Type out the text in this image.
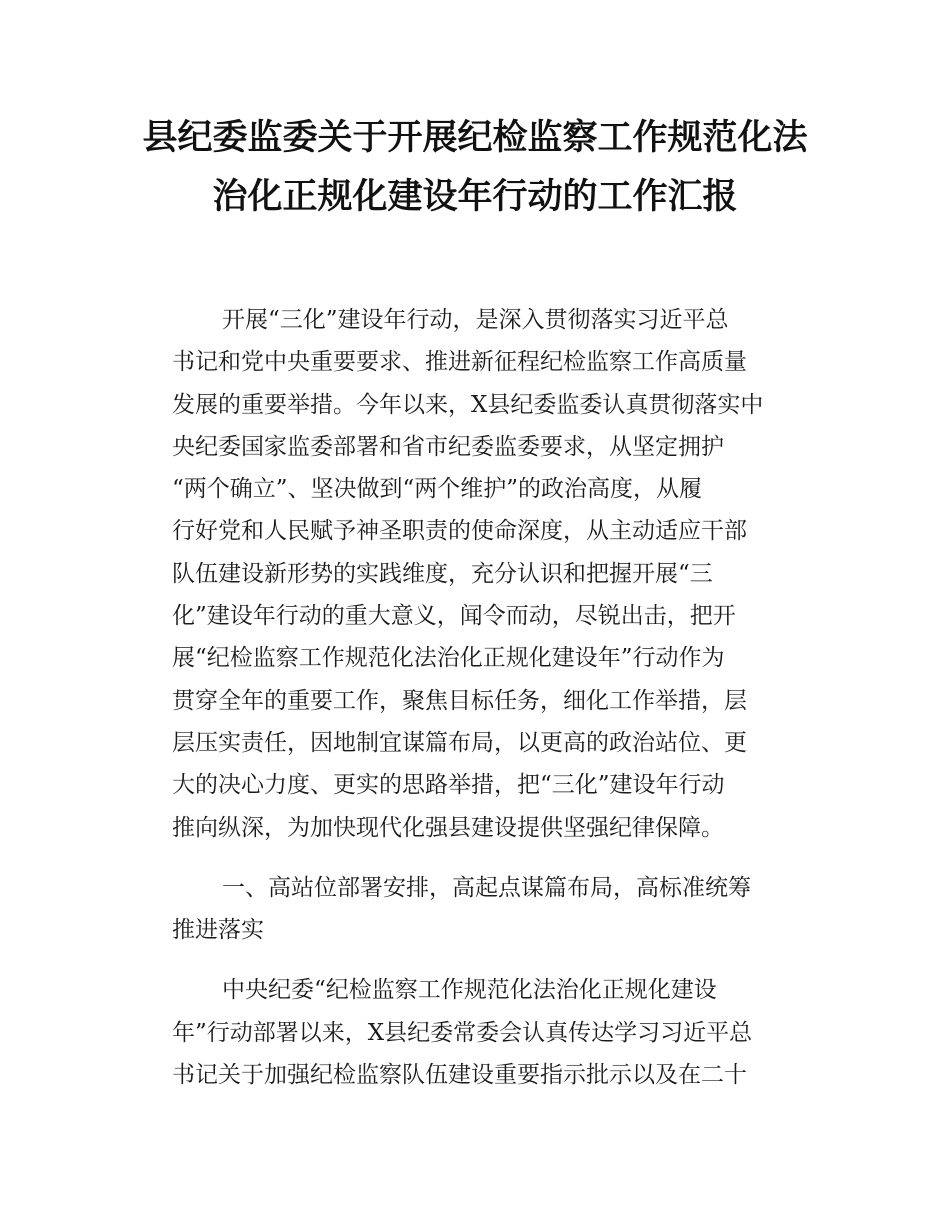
县纪委监委关于开展纪检监察工作规范化法
治化正规化建设年行动的工作汇报

开展“三化”建设年行动，是深入贯彻落实习近平总
书记和党中央重要要求、推进新征程纪检监察工作高质量
发展的重要举措。今年以来，X县纪委监委认真贯彻落实中
央纪委国家监委部署和省市纪委监委要求，从坚定拥护
“两个确立”、坚决做到“两个维护”的政治高度，从履
行好党和人民赋予神圣职责的使命深度，从主动适应干部
队伍建设新形势的实践维度，充分认识和把握开展“三
化”建设年行动的重大意义，闻令而动，尽锐出击，把开
展“纪检监察工作规范化法治化正规化建设年”行动作为
贯穿全年的重要工作，聚焦目标任务，细化工作举措，层
层压实责任，因地制宜谋篇布局，以更高的政治站位、更
大的决心力度、更实的思路举措，把“三化”建设年行动
推向纵深，为加快现代化强县建设提供坚强纪律保障。

一、高站位部署安排，高起点谋篇布局，高标准统筹
推进落实

中央纪委“纪检监察工作规范化法治化正规化建设
年”行动部署以来，X县纪委常委会认真传达学习习近平总
书记关于加强纪检监察队伍建设重要指示批示以及在二十
